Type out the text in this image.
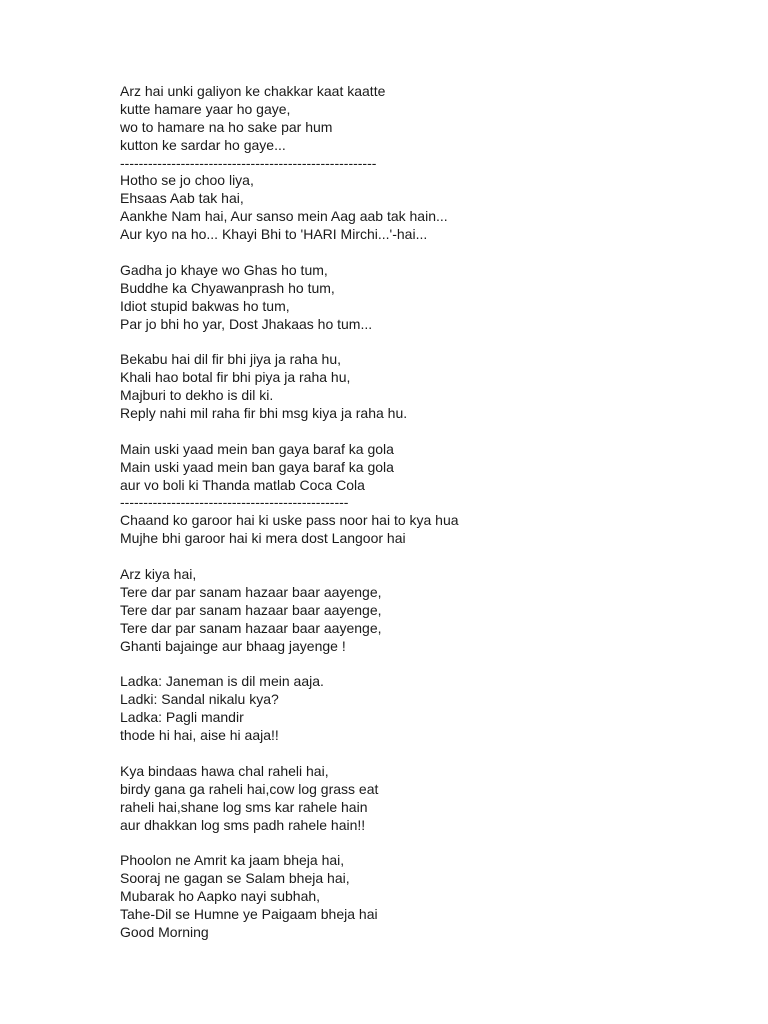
Arz hai unki galiyon ke chakkar kaat kaatte
kutte hamare yaar ho gaye,
wo to hamare na ho sake par hum
kutton ke sardar ho gaye...
-------------------------------------------------------
Hotho se jo choo liya,
Ehsaas Aab tak hai,
Aankhe Nam hai, Aur sanso mein Aag aab tak hain...
Aur kyo na ho... Khayi Bhi to 'HARI Mirchi...'-hai...
Gadha jo khaye wo Ghas ho tum,
Buddhe ka Chyawanprash ho tum,
Idiot stupid bakwas ho tum,
Par jo bhi ho yar, Dost Jhakaas ho tum...
Bekabu hai dil fir bhi jiya ja raha hu,
Khali hao botal fir bhi piya ja raha hu,
Majburi to dekho is dil ki.
Reply nahi mil raha fir bhi msg kiya ja raha hu.
Main uski yaad mein ban gaya baraf ka gola
Main uski yaad mein ban gaya baraf ka gola
aur vo boli ki Thanda matlab Coca Cola
-------------------------------------------------
Chaand ko garoor hai ki uske pass noor hai to kya hua
Mujhe bhi garoor hai ki mera dost Langoor hai
Arz kiya hai,
Tere dar par sanam hazaar baar aayenge,
Tere dar par sanam hazaar baar aayenge,
Tere dar par sanam hazaar baar aayenge,
Ghanti bajainge aur bhaag jayenge !
Ladka: Janeman is dil mein aaja.
Ladki: Sandal nikalu kya?
Ladka: Pagli mandir
thode hi hai, aise hi aaja!!
Kya bindaas hawa chal raheli hai,
birdy gana ga raheli hai,cow log grass eat
raheli hai,shane log sms kar rahele hain
aur dhakkan log sms padh rahele hain!!
Phoolon ne Amrit ka jaam bheja hai,
Sooraj ne gagan se Salam bheja hai,
Mubarak ho Aapko nayi subhah,
Tahe-Dil se Humne ye Paigaam bheja hai
Good Morning
